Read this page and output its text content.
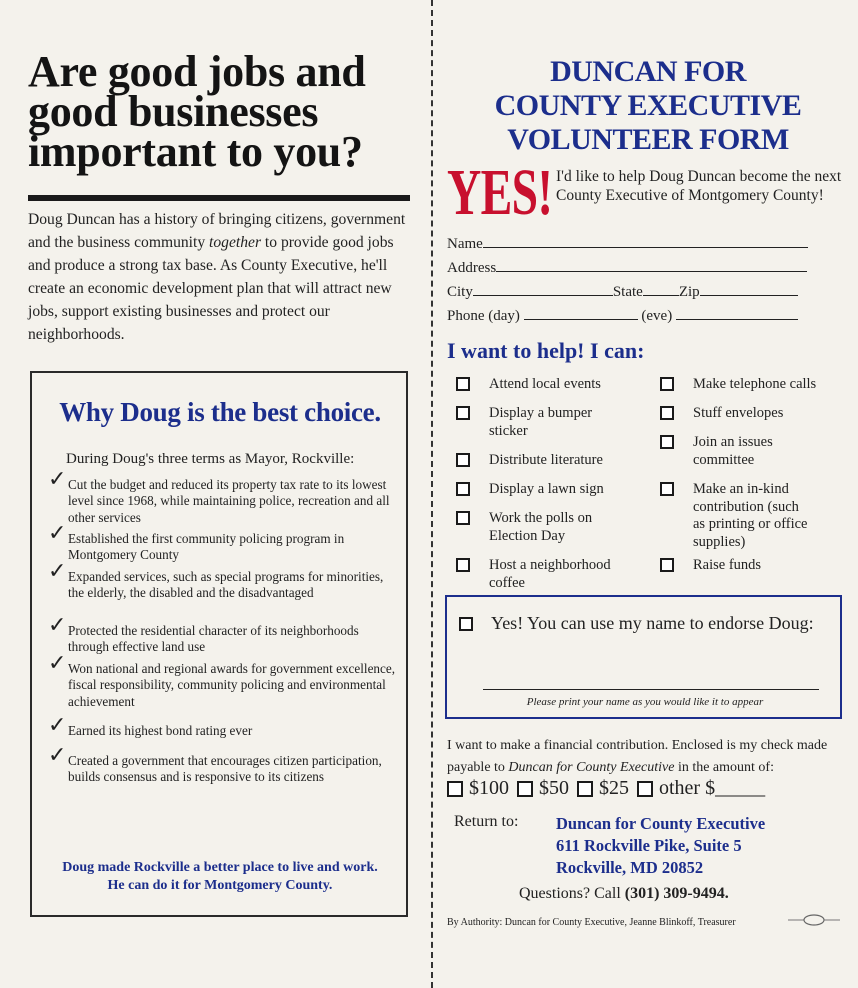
Are good jobs and good businesses important to you?

Doug Duncan has a history of bringing citizens, government and the business community together to provide good jobs and produce a strong tax base. As County Executive, he'll create an economic development plan that will attract new jobs, support existing businesses and protect our neighborhoods.

Why Doug is the best choice.

During Doug's three terms as Mayor, Rockville:

✓ Cut the budget and reduced its property tax rate to its lowest level since 1968, while maintaining police, recreation and all other services
✓ Established the first community policing program in Montgomery County
✓ Expanded services, such as special programs for minorities, the elderly, the disabled and the disadvantaged
✓ Protected the residential character of its neighborhoods through effective land use
✓ Won national and regional awards for government excellence, fiscal responsibility, community policing and environmental achievement
✓ Earned its highest bond rating ever
✓ Created a government that encourages citizen participation, builds consensus and is responsive to its citizens

Doug made Rockville a better place to live and work.
He can do it for Montgomery County.

DUNCAN FOR
COUNTY EXECUTIVE
VOLUNTEER FORM
YES! I'd like to help Doug Duncan become the next County Executive of Montgomery County!

Name
Address
City	State Zip
Phone (day)	(eve)
I want to help! I can:
Attend local events
Display a bumper sticker
Distribute literature
Display a lawn sign
Work the polls on Election Day
Host a neighborhood coffee
Make telephone calls
Stuff envelopes
Join an issues committee
Make an in-kind contribution (such as printing or office supplies)
Raise funds
Yes! You can use my name to endorse Doug:
Please print your name as you would like it to appear

I want to make a financial contribution. Enclosed is my check made payable to Duncan for County Executive in the amount of:

$100 $50 $25 other $_____
Return to: Duncan for County Executive
611 Rockville Pike, Suite 5
Rockville, MD 20852

Questions? Call (301) 309-9494.
By Authority: Duncan for County Executive, Jeanne Blinkoff, Treasurer
